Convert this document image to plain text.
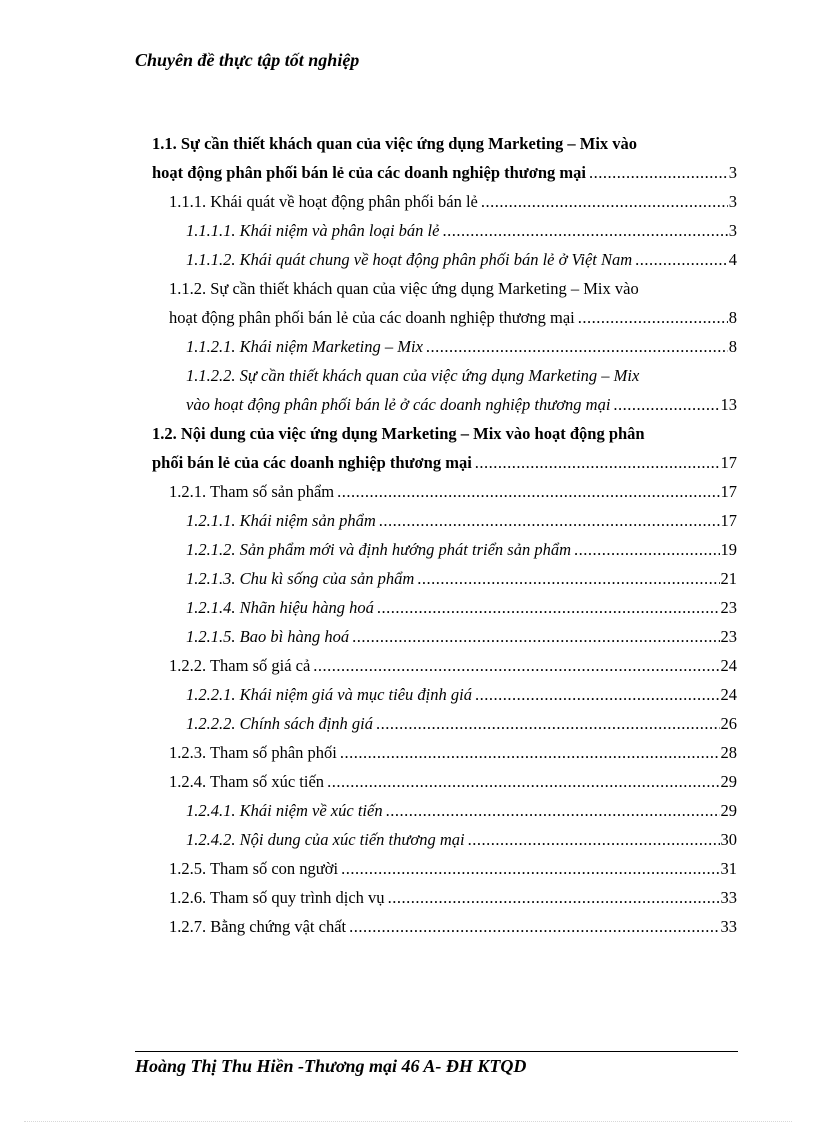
Chuyên đề thực tập tốt nghiệp
1.1. Sự cần thiết khách quan của việc ứng dụng Marketing – Mix vào
hoạt động phân phối bán lẻ của các doanh nghiệp thương mại .....	3
1.1.1. Khái quát về hoạt động phân phối bán lẻ .....	3
1.1.1.1. Khái niệm và phân loại bán lẻ .....	3
1.1.1.2. Khái quát chung về hoạt động phân phối bán lẻ ở Việt Nam .....	4
1.1.2. Sự cần thiết khách quan của việc ứng dụng Marketing – Mix vào
hoạt động phân phối bán lẻ của các doanh nghiệp thương mại .....	8
1.1.2.1. Khái niệm Marketing – Mix .....	8
1.1.2.2. Sự cần thiết khách quan của việc ứng dụng Marketing – Mix
vào hoạt động phân phối bán lẻ ở các doanh nghiệp thương mại .....	13
1.2. Nội dung của việc ứng dụng Marketing – Mix vào hoạt động phân
phối bán lẻ của các doanh nghiệp thương mại .....	17
1.2.1. Tham số sản phẩm .....	17
1.2.1.1. Khái niệm sản phẩm .....	17
1.2.1.2. Sản phẩm mới và định hướng phát triển sản phẩm .....	19
1.2.1.3. Chu kì sống của sản phẩm .....	21
1.2.1.4. Nhãn hiệu hàng hoá .....	23
1.2.1.5. Bao bì hàng hoá .....	23
1.2.2. Tham số giá cả .....	24
1.2.2.1. Khái niệm giá và mục tiêu định giá .....	24
1.2.2.2. Chính sách định giá .....	26
1.2.3. Tham số phân phối .....	28
1.2.4. Tham số xúc tiến .....	29
1.2.4.1. Khái niệm về xúc tiến .....	29
1.2.4.2. Nội dung của xúc tiến thương mại .....	30
1.2.5. Tham số con người .....	31
1.2.6. Tham số quy trình dịch vụ .....	33
1.2.7. Bằng chứng vật chất .....	33
Hoàng Thị Thu Hiền -Thương mại 46 A- ĐH KTQD
